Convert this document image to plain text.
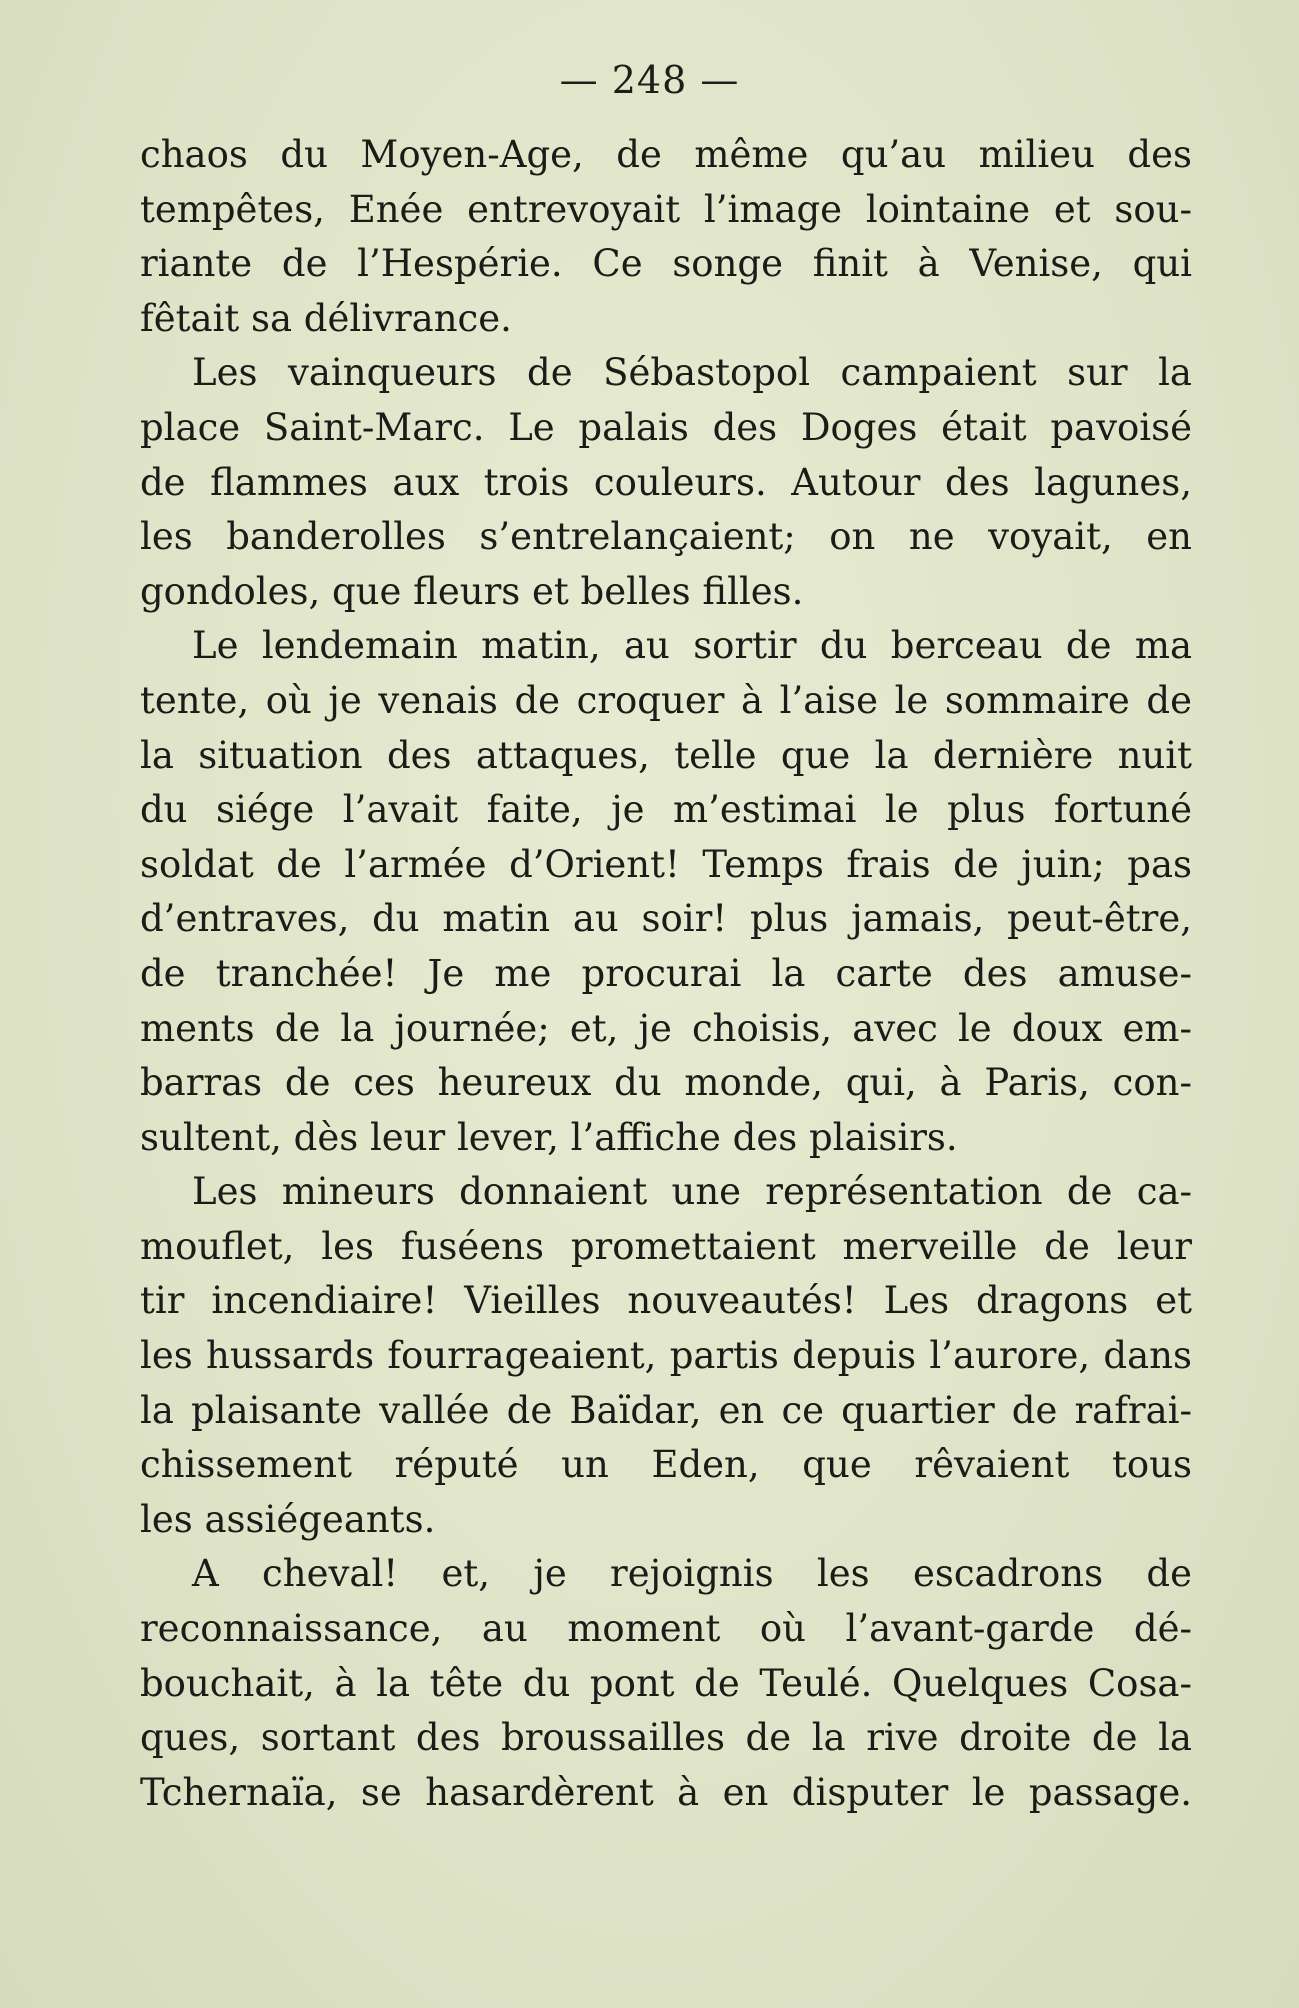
— 248 —
chaos du Moyen-Age, de même qu’au milieu des
tempêtes, Enée entrevoyait l’image lointaine et sou-
riante de l’Hespérie. Ce songe finit à Venise, qui
fêtait sa délivrance.
Les vainqueurs de Sébastopol campaient sur la
place Saint-Marc. Le palais des Doges était pavoisé
de flammes aux trois couleurs. Autour des lagunes,
les banderolles s’entrelançaient; on ne voyait, en
gondoles, que fleurs et belles filles.
Le lendemain matin, au sortir du berceau de ma
tente, où je venais de croquer à l’aise le sommaire de
la situation des attaques, telle que la dernière nuit
du siége l’avait faite, je m’estimai le plus fortuné
soldat de l’armée d’Orient! Temps frais de juin; pas
d’entraves, du matin au soir! plus jamais, peut-être,
de tranchée! Je me procurai la carte des amuse-
ments de la journée; et, je choisis, avec le doux em-
barras de ces heureux du monde, qui, à Paris, con-
sultent, dès leur lever, l’affiche des plaisirs.
Les mineurs donnaient une représentation de ca-
mouflet, les fuséens promettaient merveille de leur
tir incendiaire! Vieilles nouveautés! Les dragons et
les hussards fourrageaient, partis depuis l’aurore, dans
la plaisante vallée de Baïdar, en ce quartier de rafrai-
chissement réputé un Eden, que rêvaient tous
les assiégeants.
A cheval! et, je rejoignis les escadrons de
reconnaissance, au moment où l’avant-garde dé-
bouchait, à la tête du pont de Teulé. Quelques Cosa-
ques, sortant des broussailles de la rive droite de la
Tchernaïa, se hasardèrent à en disputer le passage.
